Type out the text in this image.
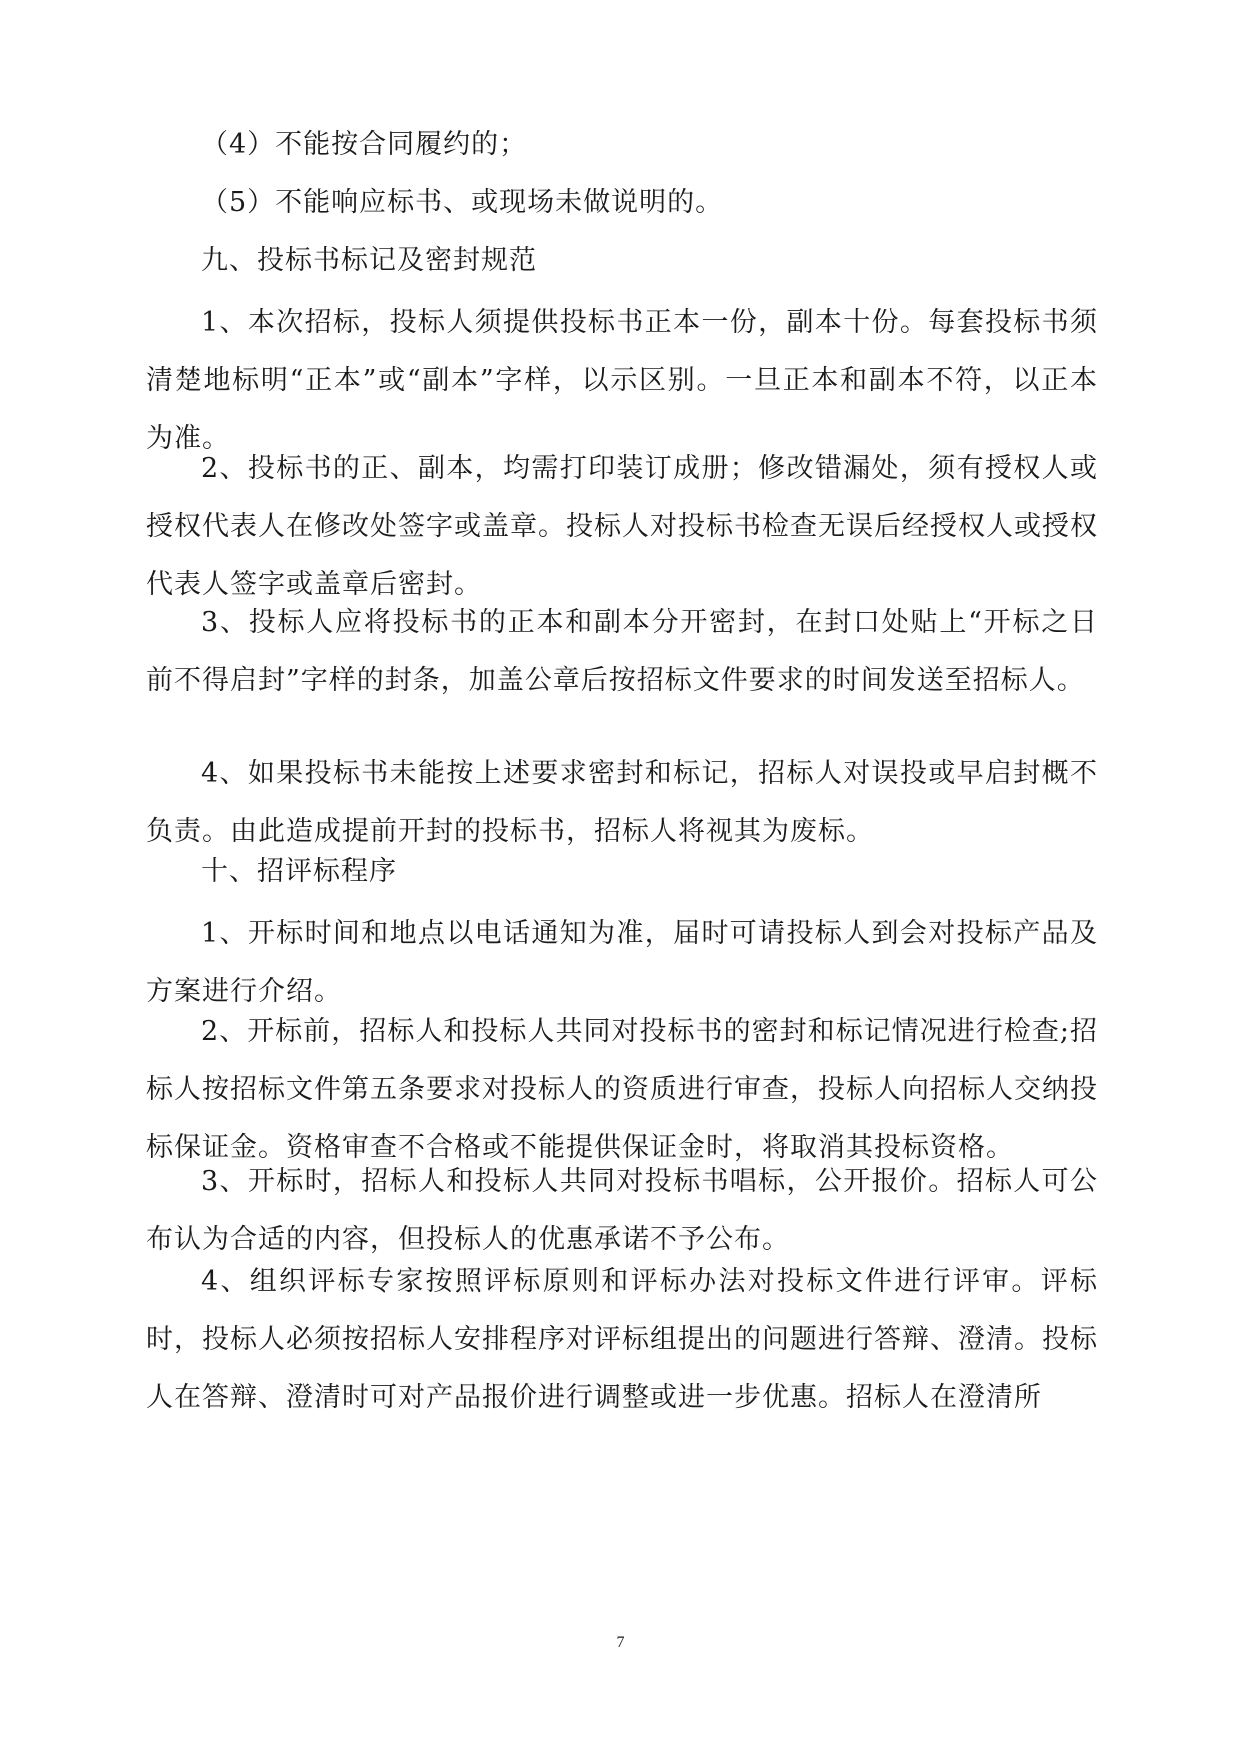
（4）不能按合同履约的；

（5）不能响应标书、或现场未做说明的。

九、投标书标记及密封规范

1、本次招标，投标人须提供投标书正本一份，副本十份。每套投标书须清楚地标明“正本”或“副本”字样，以示区别。一旦正本和副本不符，以正本为准。

2、投标书的正、副本，均需打印装订成册；修改错漏处，须有授权人或授权代表人在修改处签字或盖章。投标人对投标书检查无误后经授权人或授权代表人签字或盖章后密封。

3、投标人应将投标书的正本和副本分开密封，在封口处贴上“开标之日前不得启封”字样的封条，加盖公章后按招标文件要求的时间发送至招标人。

4、如果投标书未能按上述要求密封和标记，招标人对误投或早启封概不负责。由此造成提前开封的投标书，招标人将视其为废标。

十、招评标程序

1、开标时间和地点以电话通知为准，届时可请投标人到会对投标产品及方案进行介绍。

2、开标前，招标人和投标人共同对投标书的密封和标记情况进行检查;招标人按招标文件第五条要求对投标人的资质进行审查，投标人向招标人交纳投标保证金。资格审查不合格或不能提供保证金时，将取消其投标资格。

3、开标时，招标人和投标人共同对投标书唱标，公开报价。招标人可公布认为合适的内容，但投标人的优惠承诺不予公布。

4、组织评标专家按照评标原则和评标办法对投标文件进行评审。评标时，投标人必须按招标人安排程序对评标组提出的问题进行答辩、澄清。投标人在答辩、澄清时可对产品报价进行调整或进一步优惠。招标人在澄清所

7
